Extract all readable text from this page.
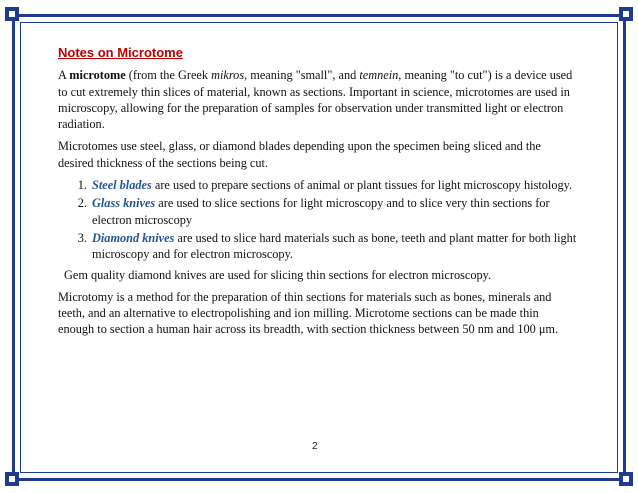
Notes on Microtome

A microtome (from the Greek mikros, meaning "small", and temnein, meaning "to cut") is a device used to cut extremely thin slices of material, known as sections. Important in science, microtomes are used in microscopy, allowing for the preparation of samples for observation under transmitted light or electron radiation.

Microtomes use steel, glass, or diamond blades depending upon the specimen being sliced and the desired thickness of the sections being cut.

1. Steel blades are used to prepare sections of animal or plant tissues for light microscopy histology.
2. Glass knives are used to slice sections for light microscopy and to slice very thin sections for electron microscopy
3. Diamond knives are used to slice hard materials such as bone, teeth and plant matter for both light microscopy and for electron microscopy.

Gem quality diamond knives are used for slicing thin sections for electron microscopy.

Microtomy is a method for the preparation of thin sections for materials such as bones, minerals and teeth, and an alternative to electropolishing and ion milling. Microtome sections can be made thin enough to section a human hair across its breadth, with section thickness between 50 nm and 100 μm.

2
